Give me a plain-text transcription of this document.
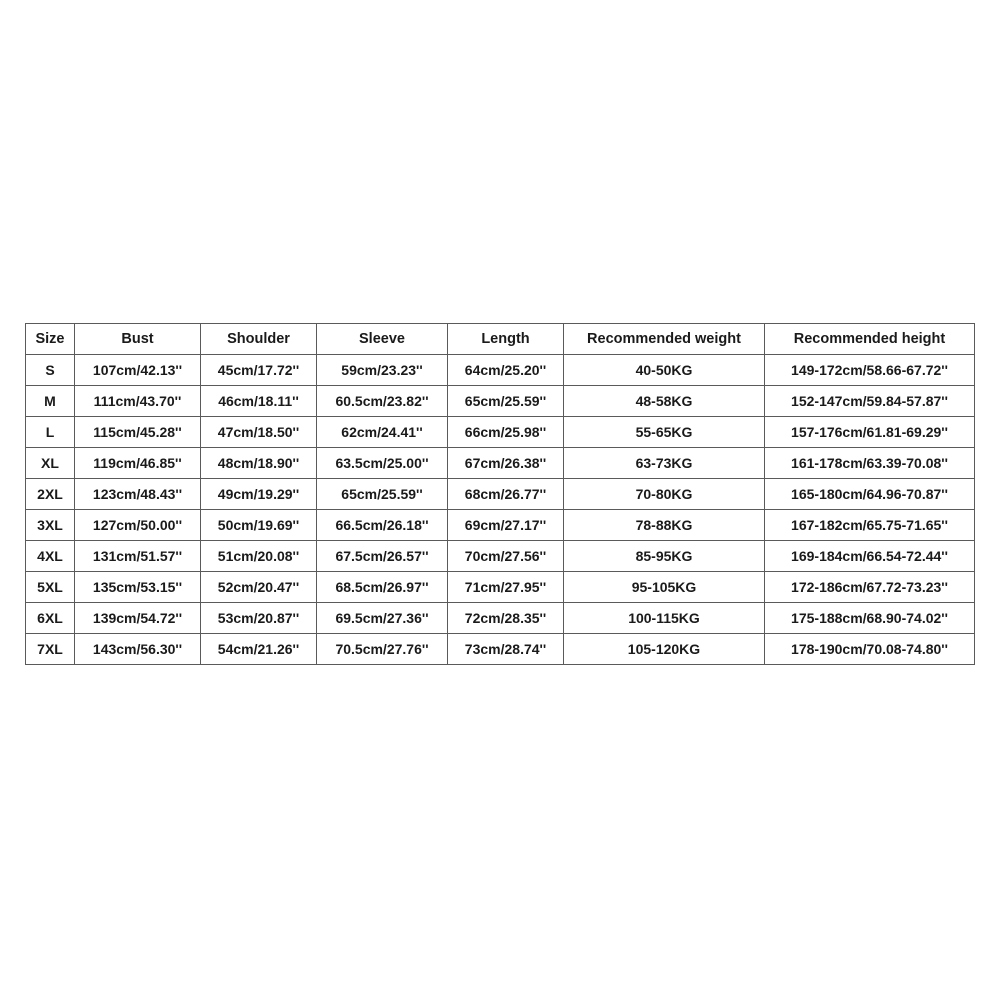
Size	Bust	Shoulder	Sleeve	Length	Recommended weight	Recommended height
S	107cm/42.13''	45cm/17.72''	59cm/23.23''	64cm/25.20''	40-50KG	149-172cm/58.66-67.72''
M	111cm/43.70''	46cm/18.11''	60.5cm/23.82''	65cm/25.59''	48-58KG	152-147cm/59.84-57.87''
L	115cm/45.28''	47cm/18.50''	62cm/24.41''	66cm/25.98''	55-65KG	157-176cm/61.81-69.29''
XL	119cm/46.85''	48cm/18.90''	63.5cm/25.00''	67cm/26.38''	63-73KG	161-178cm/63.39-70.08''
2XL	123cm/48.43''	49cm/19.29''	65cm/25.59''	68cm/26.77''	70-80KG	165-180cm/64.96-70.87''
3XL	127cm/50.00''	50cm/19.69''	66.5cm/26.18''	69cm/27.17''	78-88KG	167-182cm/65.75-71.65''
4XL	131cm/51.57''	51cm/20.08''	67.5cm/26.57''	70cm/27.56''	85-95KG	169-184cm/66.54-72.44''
5XL	135cm/53.15''	52cm/20.47''	68.5cm/26.97''	71cm/27.95''	95-105KG	172-186cm/67.72-73.23''
6XL	139cm/54.72''	53cm/20.87''	69.5cm/27.36''	72cm/28.35''	100-115KG	175-188cm/68.90-74.02''
7XL	143cm/56.30''	54cm/21.26''	70.5cm/27.76''	73cm/28.74''	105-120KG	178-190cm/70.08-74.80''
